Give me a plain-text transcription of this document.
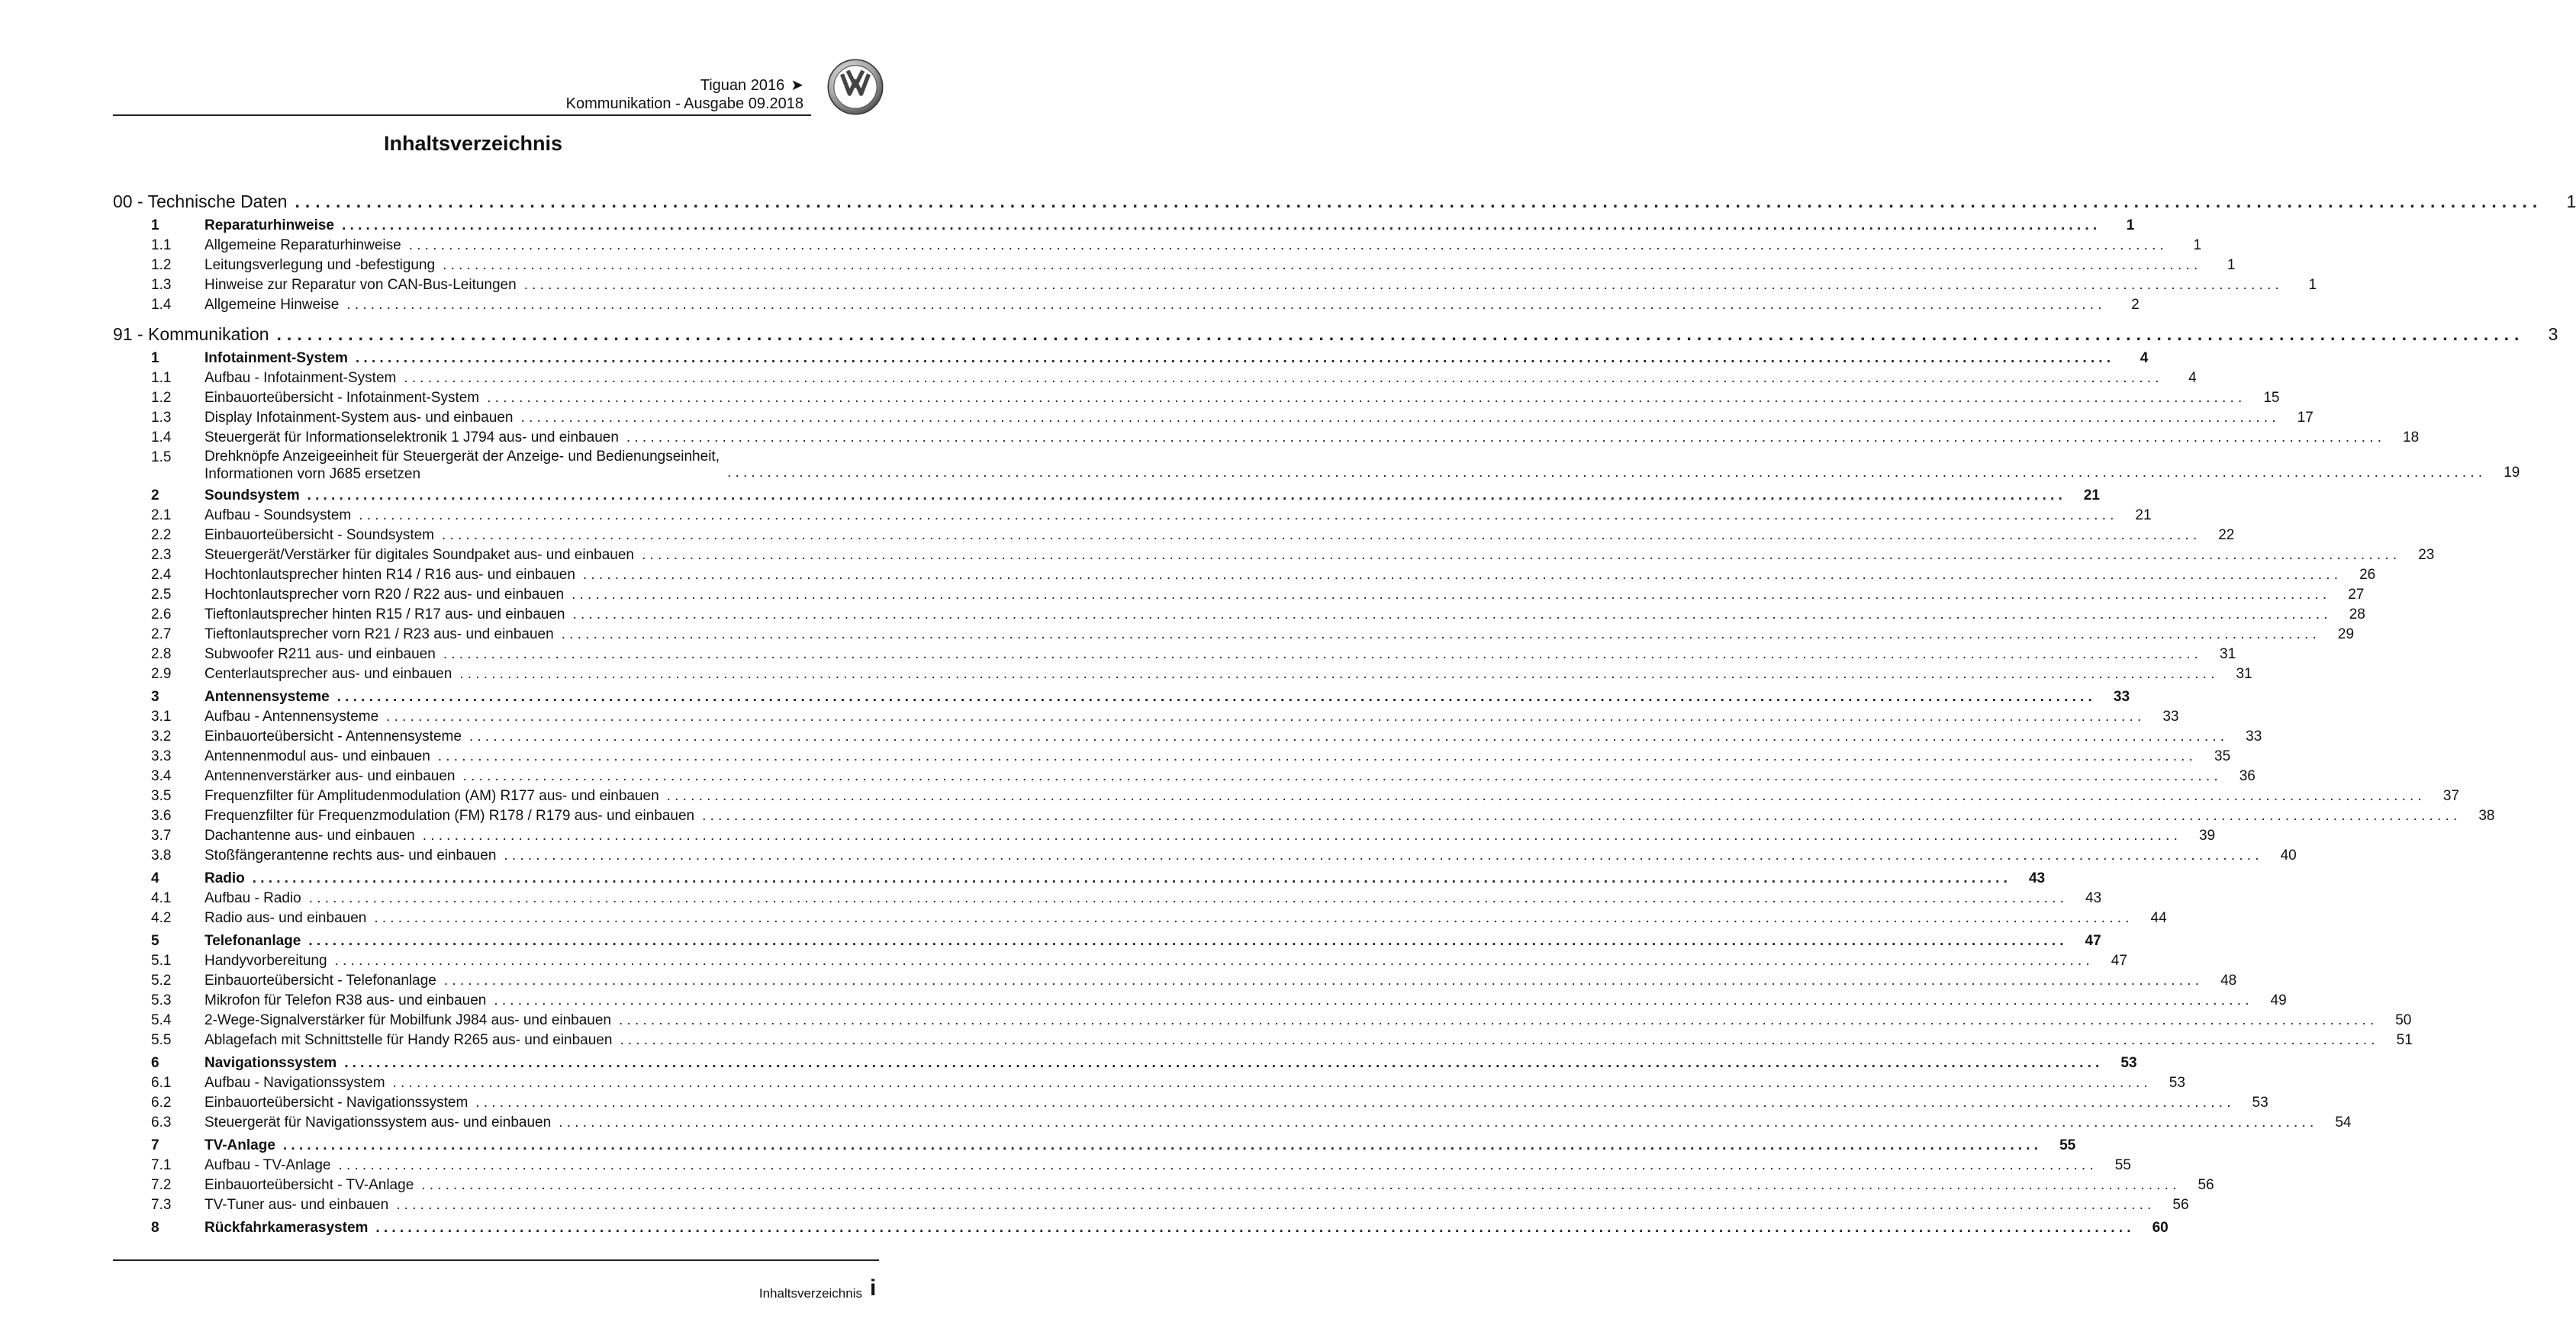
Tiguan 2016 ➤
Kommunikation - Ausgabe 09.2018
Inhaltsverzeichnis
00 - Technische Daten ............................................................................................................................................................................................................................	1
1	Reparaturhinweise ............................................................................................................................................................................................................................	1
1.1	Allgemeine Reparaturhinweise ............................................................................................................................................................................................................................	1
1.2	Leitungsverlegung und -befestigung ............................................................................................................................................................................................................................	1
1.3	Hinweise zur Reparatur von CAN-Bus-Leitungen ............................................................................................................................................................................................................................	1
1.4	Allgemeine Hinweise ............................................................................................................................................................................................................................	2
91 - Kommunikation ............................................................................................................................................................................................................................	3
1	Infotainment-System ............................................................................................................................................................................................................................	4
1.1	Aufbau - Infotainment-System ............................................................................................................................................................................................................................	4
1.2	Einbauorteübersicht - Infotainment-System ............................................................................................................................................................................................................................	15
1.3	Display Infotainment-System aus- und einbauen ............................................................................................................................................................................................................................	17
1.4	Steuergerät für Informationselektronik 1 J794 aus- und einbauen ............................................................................................................................................................................................................................	18
1.5	Drehknöpfe Anzeigeeinheit für Steuergerät der Anzeige- und Bedienungseinheit,
Informationen vorn J685 ersetzen	............................................................................................................................................................................................................................	19
2	Soundsystem ............................................................................................................................................................................................................................	21
2.1	Aufbau - Soundsystem ............................................................................................................................................................................................................................	21
2.2	Einbauorteübersicht - Soundsystem ............................................................................................................................................................................................................................	22
2.3	Steuergerät/Verstärker für digitales Soundpaket aus- und einbauen ............................................................................................................................................................................................................................	23
2.4	Hochtonlautsprecher hinten R14 / R16 aus- und einbauen ............................................................................................................................................................................................................................	26
2.5	Hochtonlautsprecher vorn R20 / R22 aus- und einbauen ............................................................................................................................................................................................................................	27
2.6	Tieftonlautsprecher hinten R15 / R17 aus- und einbauen ............................................................................................................................................................................................................................	28
2.7	Tieftonlautsprecher vorn R21 / R23 aus- und einbauen ............................................................................................................................................................................................................................	29
2.8	Subwoofer R211 aus- und einbauen ............................................................................................................................................................................................................................	31
2.9	Centerlautsprecher aus- und einbauen ............................................................................................................................................................................................................................	31
3	Antennensysteme ............................................................................................................................................................................................................................	33
3.1	Aufbau - Antennensysteme ............................................................................................................................................................................................................................	33
3.2	Einbauorteübersicht - Antennensysteme ............................................................................................................................................................................................................................	33
3.3	Antennenmodul aus- und einbauen ............................................................................................................................................................................................................................	35
3.4	Antennenverstärker aus- und einbauen ............................................................................................................................................................................................................................	36
3.5	Frequenzfilter für Amplitudenmodulation (AM) R177 aus- und einbauen ............................................................................................................................................................................................................................	37
3.6	Frequenzfilter für Frequenzmodulation (FM) R178 / R179 aus- und einbauen ............................................................................................................................................................................................................................	38
3.7	Dachantenne aus- und einbauen ............................................................................................................................................................................................................................	39
3.8	Stoßfängerantenne rechts aus- und einbauen ............................................................................................................................................................................................................................	40
4	Radio ............................................................................................................................................................................................................................	43
4.1	Aufbau - Radio ............................................................................................................................................................................................................................	43
4.2	Radio aus- und einbauen ............................................................................................................................................................................................................................	44
5	Telefonanlage ............................................................................................................................................................................................................................	47
5.1	Handyvorbereitung ............................................................................................................................................................................................................................	47
5.2	Einbauorteübersicht - Telefonanlage ............................................................................................................................................................................................................................	48
5.3	Mikrofon für Telefon R38 aus- und einbauen ............................................................................................................................................................................................................................	49
5.4	2-Wege-Signalverstärker für Mobilfunk J984 aus- und einbauen ............................................................................................................................................................................................................................	50
5.5	Ablagefach mit Schnittstelle für Handy R265 aus- und einbauen ............................................................................................................................................................................................................................	51
6	Navigationssystem ............................................................................................................................................................................................................................	53
6.1	Aufbau - Navigationssystem ............................................................................................................................................................................................................................	53
6.2	Einbauorteübersicht - Navigationssystem ............................................................................................................................................................................................................................	53
6.3	Steuergerät für Navigationssystem aus- und einbauen ............................................................................................................................................................................................................................	54
7	TV-Anlage ............................................................................................................................................................................................................................	55
7.1	Aufbau - TV-Anlage ............................................................................................................................................................................................................................	55
7.2	Einbauorteübersicht - TV-Anlage ............................................................................................................................................................................................................................	56
7.3	TV-Tuner aus- und einbauen ............................................................................................................................................................................................................................	56
8	Rückfahrkamerasystem ............................................................................................................................................................................................................................	60
Inhaltsverzeichnis i
